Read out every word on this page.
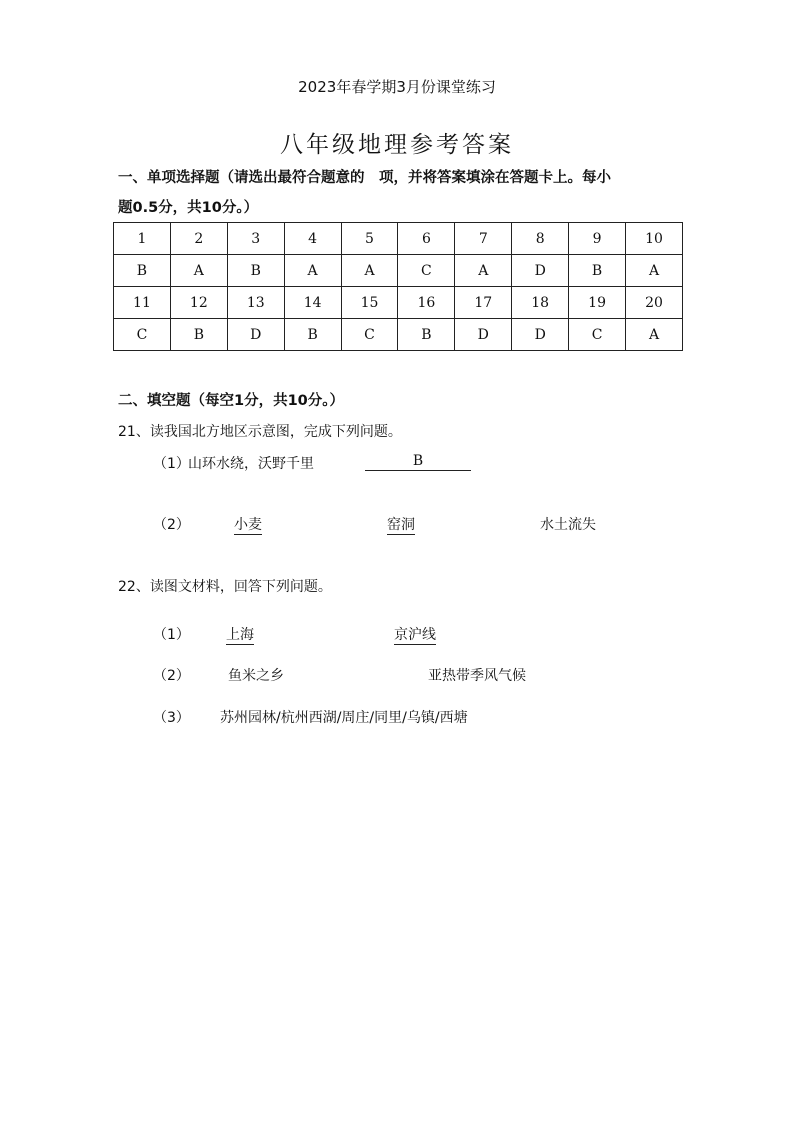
2023年春学期3月份课堂练习
八年级地理参考答案
一、单项选择题（请选出最符合题意的　项，并将答案填涂在答题卡上。每小
题0.5分，共10分。）
1	2	3	4	5	6	7	8	9	10
B	A	B	A	A	C	A	D	B	A
11	12	13	14	15	16	17	18	19	20
C	B	D	B	C	B	D	D	C	A
二、填空题（每空1分，共10分。）
21、读我国北方地区示意图，完成下列问题。
（1）
山环水绕，沃野千里	B
（2）	小麦	窑洞	水土流失
22、读图文材料，回答下列问题。
（1）	上海	京沪线
（2）	鱼米之乡	亚热带季风气候
（3） 苏州园林/杭州西湖/周庄/同里/乌镇/西塘
